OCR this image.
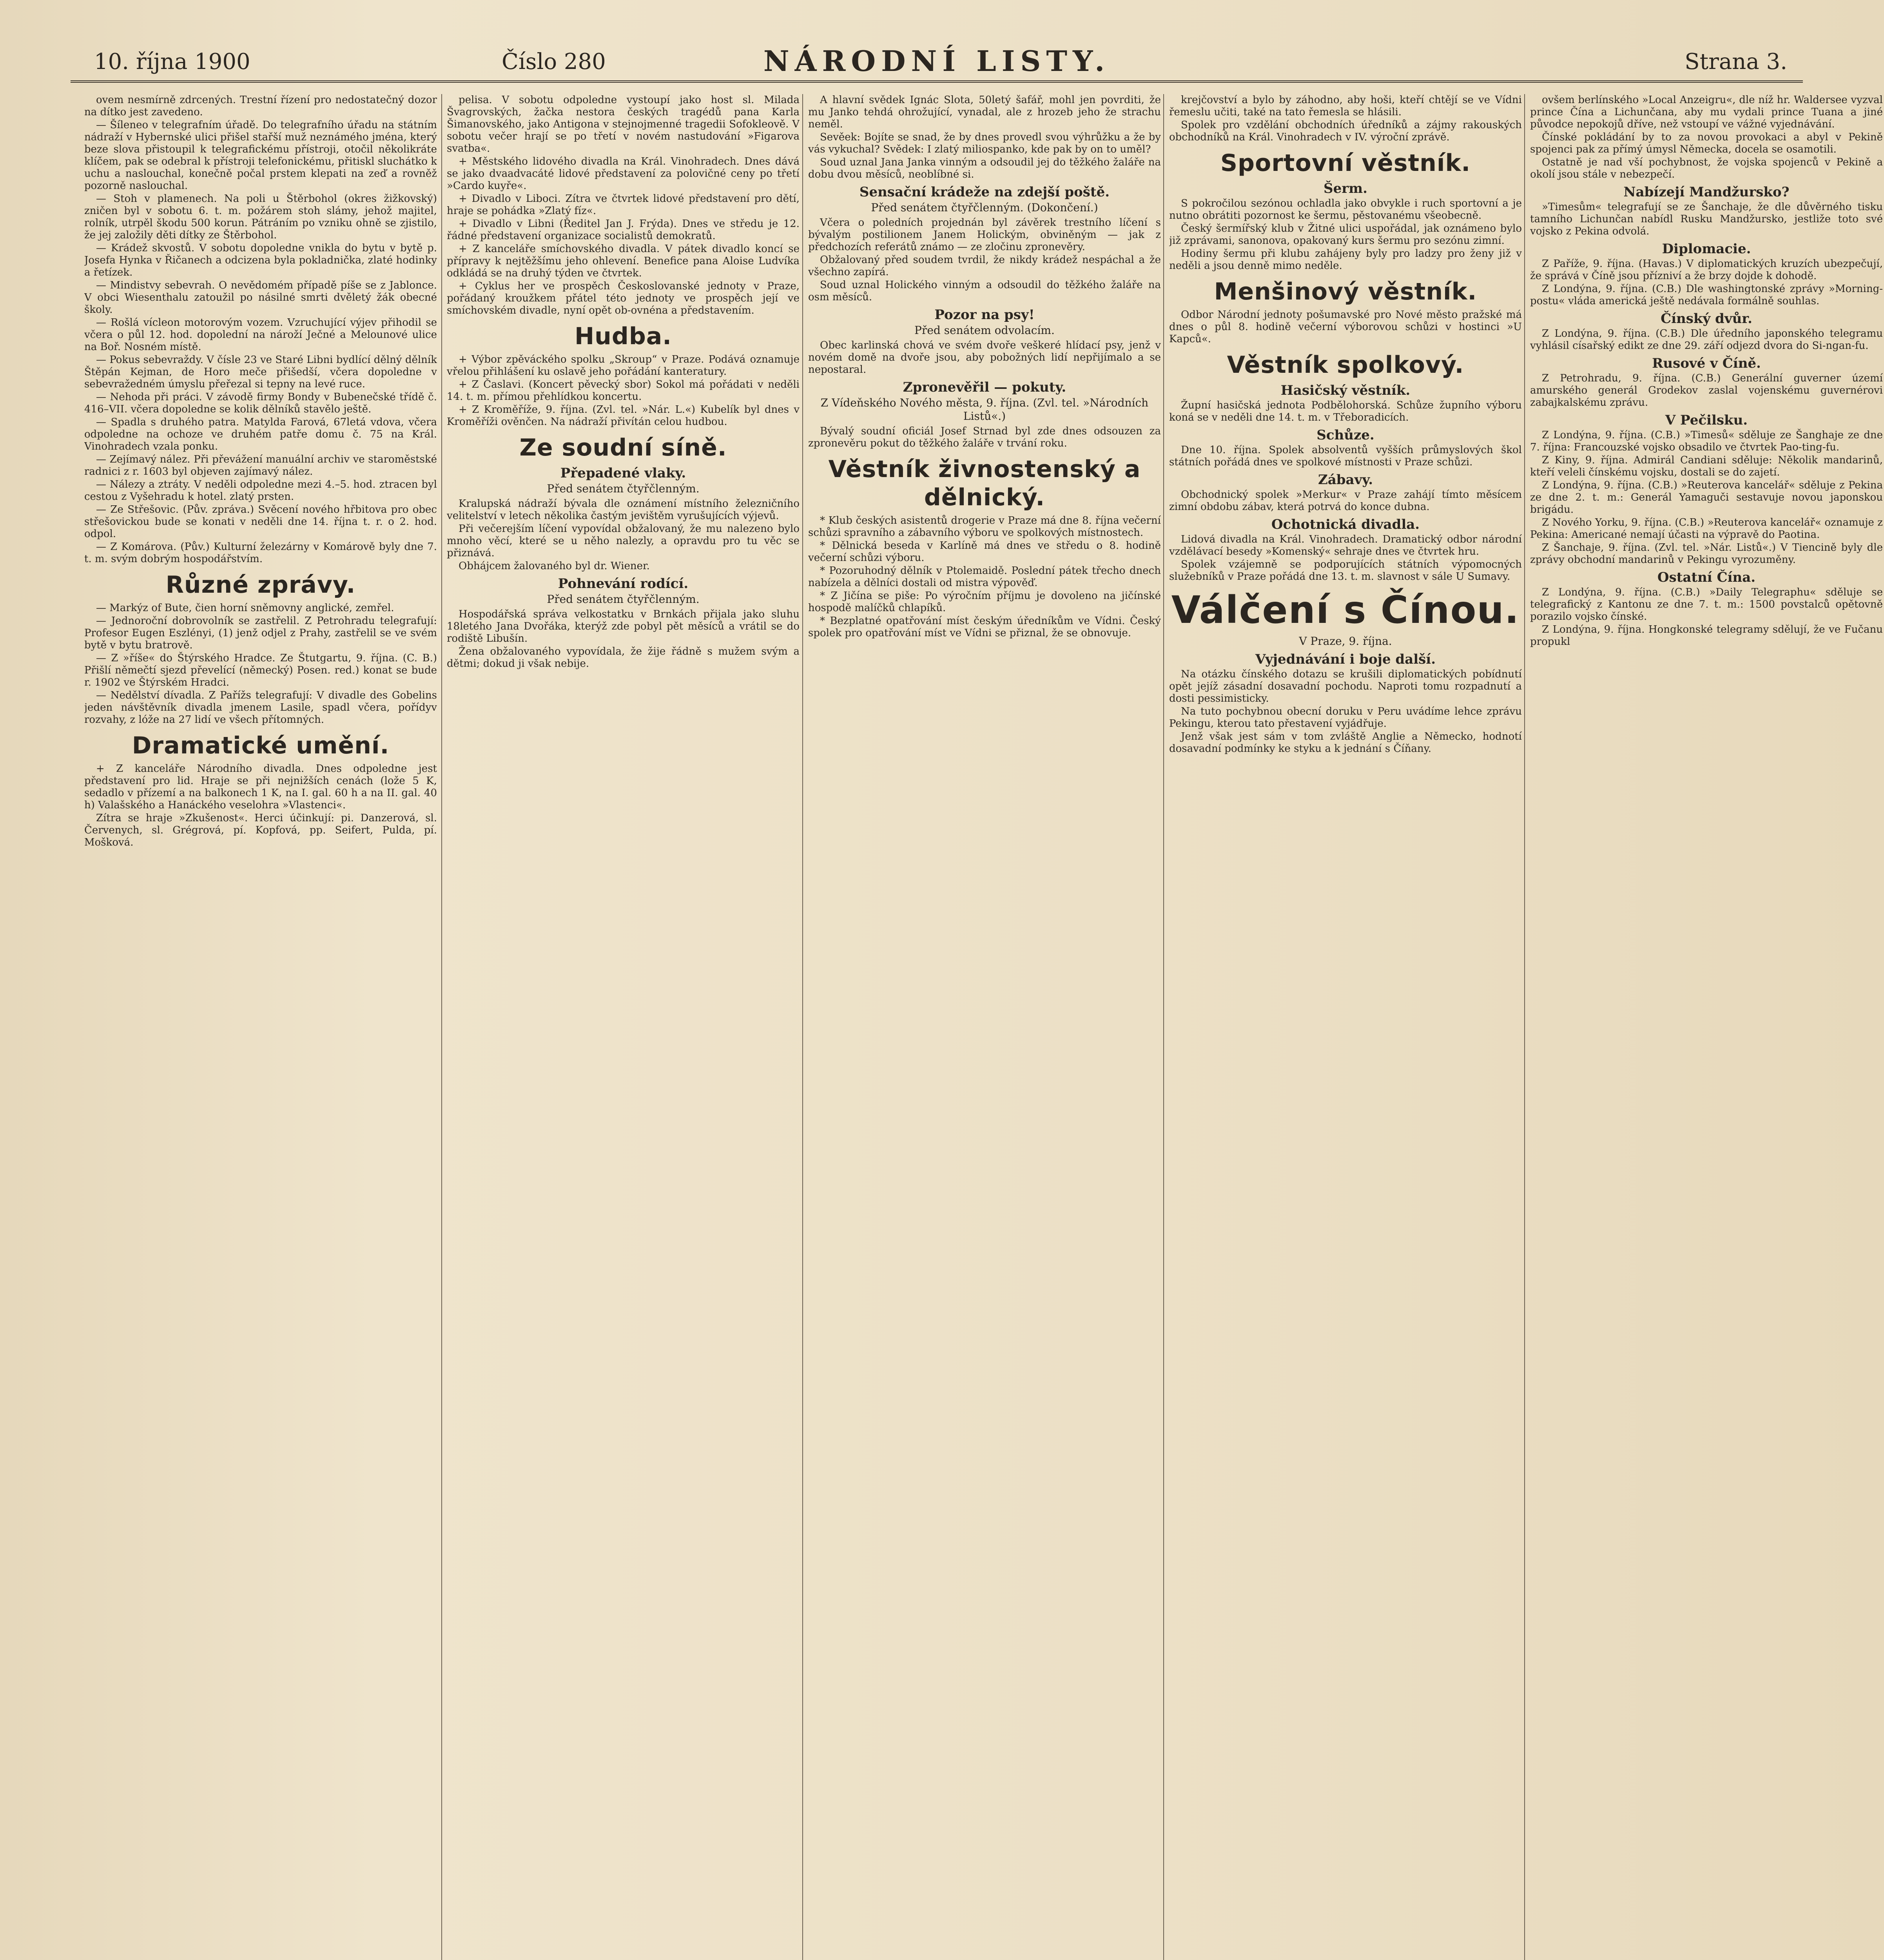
10. října 1900	Číslo 280	NÁRODNÍ LISTY.	Strana 3.

ovem nesmírně zdrcených. Trestní řízení pro nedostatečný dozor na dítko jest zavedeno.

— Šíleneo v telegrafním úřadě. Do telegrafního úřadu na státním nádraží v Hybernské ulici přišel stařší muž neznámého jména, který beze slova přistoupil k telegrafickému přístroji, otočil několikráte klíčem, pak se odebral k přístroji telefonickému, přitiskl sluchátko k uchu a naslouchal, konečně počal prstem klepati na zeď a rovněž pozorně naslouchal.

— Stoh v plamenech. Na poli u Štěrbohol (okres žižkovský) zničen byl v sobotu 6. t. m. požárem stoh slámy, jehož majitel, rolník, utrpěl škodu 500 korun. Pátráním po vzniku ohně se zjistilo, že jej založily děti dítky ze Štěrbohol.

— Krádež skvostů. V sobotu dopoledne vnikla do bytu v bytě p. Josefa Hynka v Řičanech a odcizena byla pokladnička, zlaté hodinky a řetízek.

— Mindistvy sebevrah. O nevědomém případě píše se z Jablonce. V obci Wiesenthalu zatoužil po násilné smrti dvěletý žák obecné školy.

— Rošlá vícleon motorovým vozem. Vzruchující výjev přihodil se včera o půl 12. hod. dopolední na nároží Ječné a Melounové ulice na Boř. Nosném místě.

— Pokus sebevraždy. V čísle 23 ve Staré Libni bydlící dělný dělník Štěpán Kejman, de Horo meče přišedší, včera dopoledne v sebevražedném úmyslu přeřezal si tepny na levé ruce.

— Nehoda při práci. V závodě firmy Bondy v Bubenečské třídě č. 416–VII. včera dopoledne se kolik dělníků stavělo ještě.

— Spadla s druhého patra. Matylda Farová, 67letá vdova, včera odpoledne na ochoze ve druhém patře domu č. 75 na Král. Vinohradech vzala ponku.

— Zejímavý nález. Při převážení manuální archiv ve staroměstské radnici z r. 1603 byl objeven zajímavý nález.

— Nálezy a ztráty. V neděli odpoledne mezi 4.–5. hod. ztracen byl cestou z Vyšehradu k hotel. zlatý prsten.

— Ze Střešovic. (Pův. zpráva.) Svěcení nového hřbitova pro obec střešovickou bude se konati v neděli dne 14. října t. r. o 2. hod. odpol.

— Z Komárova. (Pův.) Kulturní železárny v Komárově byly dne 7. t. m. svým dobrým hospodářstvím.

Různé zprávy.

— Markýz of Bute, čien horní sněmovny anglické, zemřel.

— Jednoroční dobrovolník se zastřelil. Z Petrohradu telegrafují: Profesor Eugen Eszlényi, (1) jenž odjel z Prahy, zastřelil se ve svém bytě v bytu bratrově.

— Z »říše« do Štýrského Hradce. Ze Štutgartu, 9. října. (C. B.) Přišlí němečtí sjezd převelící (německý) Posen. red.) konat se bude r. 1902 ve Štýrském Hradci.

— Nedělství dívadla. Z Pařížs telegrafují: V divadle des Gobelins jeden návštěvník divadla jmenem Lasile, spadl včera, pořídyv rozvahy, z lóže na 27 lidí ve všech přítomných.

Dramatické umění.

+ Z kanceláře Národního divadla. Dnes odpoledne jest představení pro lid. Hraje se při nejnižších cenách (lože 5 K, sedadlo v přízemí a na balkonech 1 K, na I. gal. 60 h a na II. gal. 40 h) Valašského a Hanáckého veselohra »Vlastenci«.

Zítra se hraje »Zkušenost«. Herci účinkují: pi. Danzerová, sl. Červenych, sl. Grégrová, pí. Kopfová, pp. Seifert, Pulda, pí. Mošková.

pelisa. V sobotu odpoledne vystoupí jako host sl. Milada Švagrovských, žačka nestora českých tragédů pana Karla Šimanovského, jako Antigona v stejnojmenné tragedii Sofokleově. V sobotu večer hrají se po třetí v novém nastudování »Figarova svatba«.

+ Městského lidového divadla na Král. Vinohradech. Dnes dává se jako dvaadvacáté lidové představení za polovičné ceny po třetí »Cardo kuyře«.

+ Divadlo v Liboci. Zítra ve čtvrtek lidové představení pro dětí, hraje se pohádka »Zlatý fíz«.

+ Divadlo v Libni (Ředitel Jan J. Frýda). Dnes ve středu je 12. řádné představení organizace socialistů demokratů.

+ Z kanceláře smíchovského divadla. V pátek divadlo koncí se přípravy k nejtěžšímu jeho ohlevení. Benefice pana Aloise Ludvíka odkládá se na druhý týden ve čtvrtek.

+ Cyklus her ve prospěch Českoslovanské jednoty v Praze, pořádaný kroužkem přátel této jednoty ve prospěch její ve smíchovském divadle, nyní opět ob-ovnéna a představením.

Hudba.

+ Výbor zpěváckého spolku „Skroup“ v Praze. Podává oznamuje vřelou přihlášení ku oslavě jeho pořádání kanteratury.

+ Z Časlavi. (Koncert pěvecký sbor) Sokol má pořádati v neděli 14. t. m. přímou přehlídkou koncertu.

+ Z Kroměříže, 9. října. (Zvl. tel. »Nár. L.«) Kubelík byl dnes v Kroměříži ověnčen. Na nádraží přivítán celou hudbou.

Ze soudní síně.
Přepadené vlaky.
Před senátem čtyřčlenným.

Kralupská nádraží bývala dle oznámení místního železničního velitelství v letech několika častým jevištěm vyrušujících výjevů.

Při večerejším líčení vypovídal obžalovaný, že mu nalezeno bylo mnoho věcí, které se u něho nalezly, a opravdu pro tu věc se přiznává.

Obhájcem žalovaného byl dr. Wiener.

Pohnevání rodící.
Před senátem čtyřčlenným.

Hospodářská správa velkostatku v Brnkách přijala jako sluhu 18letého Jana Dvořáka, kterýž zde pobyl pět měsíců a vrátil se do rodiště Libušín.

Žena obžalovaného vypovídala, že žije řádně s mužem svým a dětmi; dokud ji však nebije.

A hlavní svědek Ignác Slota, 50letý šafář, mohl jen povrditi, že mu Janko tehdá ohrožující, vynadal, ale z hrozeb jeho že strachu neměl.

Sevěek: Bojíte se snad, že by dnes provedl svou výhrůžku a že by vás vykuchal? Svědek: I zlatý miliospanko, kde pak by on to uměl?

Soud uznal Jana Janka vinným a odsoudil jej do těžkého žaláře na dobu dvou měsíců, neoblíbné si.

Sensační krádeže na zdejší poště.
Před senátem čtyřčlenným. (Dokončení.)

Včera o poledních projednán byl závěrek trestního líčení s bývalým postilionem Janem Holickým, obviněným — jak z předchozích referátů známo — ze zločinu zpronevěry.

Obžalovaný před soudem tvrdil, že nikdy krádež nespáchal a že všechno zapírá.

Soud uznal Holického vinným a odsoudil do těžkého žaláře na osm měsíců.

Pozor na psy!
Před senátem odvolacím.

Obec karlinská chová ve svém dvoře veškeré hlídací psy, jenž v novém domě na dvoře jsou, aby pobožných lidí nepřijímalo a se nepostaral.

Zpronevěřil — pokuty.
Z Vídeňského Nového města, 9. října. (Zvl. tel. »Národních Listů«.)

Bývalý soudní oficiál Josef Strnad byl zde dnes odsouzen za zpronevěru pokut do těžkého žaláře v trvání roku.

Věstník živnostenský a dělnický.

* Klub českých asistentů drogerie v Praze má dne 8. října večerní schůzi spravního a zábavního výboru ve spolkových místnostech.

* Dělnická beseda v Karlíně má dnes ve středu o 8. hodině večerní schůzi výboru.

* Pozoruhodný dělník v Ptolemaidě. Poslední pátek třecho dnech nabízela a dělníci dostali od mistra výpověď.

* Z Jičína se piše: Po výročním příjmu je dovoleno na jičínské hospodě malíčků chlapíků.

* Bezplatné opatřování míst českým úředníkům ve Vídni. Český spolek pro opatřování míst ve Vídni se přiznal, že se obnovuje.

krejčovství a bylo by záhodno, aby hoši, kteří chtějí se ve Vídni řemeslu učiti, také na tato řemesla se hlásili.

Spolek pro vzdělání obchodních úředníků a zájmy rakouských obchodníků na Král. Vinohradech v IV. výroční zprávě.

Sportovní věstník.
Šerm.

S pokročilou sezónou ochladla jako obvykle i ruch sportovní a je nutno obrátiti pozornost ke šermu, pěstovanému všeobecně.

Český šermířský klub v Žitné ulici uspořádal, jak oznámeno bylo již zprávami, sanonova, opakovaný kurs šermu pro sezónu zimní.

Hodiny šermu při klubu zahájeny byly pro ladzy pro ženy již v neděli a jsou denně mimo neděle.

Menšinový věstník.

Odbor Národní jednoty pošumavské pro Nové město pražské má dnes o půl 8. hodině večerní výborovou schůzi v hostinci »U Kapců«.

Věstník spolkový.
Hasičský věstník.

Župní hasičská jednota Podbělohorská. Schůze župního výboru koná se v neděli dne 14. t. m. v Třeboradicích.

Schůze.

Dne 10. října. Spolek absolventů vyšších průmyslových škol státních pořádá dnes ve spolkové místnosti v Praze schůzi.

Zábavy.

Obchodnický spolek »Merkur« v Praze zahájí tímto měsícem zimní obdobu zábav, která potrvá do konce dubna.

Ochotnická divadla.

Lidová divadla na Král. Vinohradech. Dramatický odbor národní vzdělávací besedy »Komenský« sehraje dnes ve čtvrtek hru.

Spolek vzájemně se podporujících státních výpomocných služebníků v Praze pořádá dne 13. t. m. slavnost v sále U Sumavy.

Válčení s Čínou.
V Praze, 9. října.
Vyjednávání i boje další.

Na otázku čínského dotazu se krušili diplomatických pobídnutí opět jejíž zásadní dosavadní pochodu. Naproti tomu rozpadnutí a dosti pessimisticky.

Na tuto pochybnou obecní doruku v Peru uvádíme lehce zprávu Pekingu, kterou tato přestavení vyjádřuje.

Jenž však jest sám v tom zvláště Anglie a Německo, hodnotí dosavadní podmínky ke styku a k jednání s Číňany.

ovšem berlínského »Local Anzeigru«, dle níž hr. Waldersee vyzval prince Čína a Lichunčana, aby mu vydali prince Tuana a jiné původce nepokojů dříve, než vstoupí ve vážné vyjednávání.

Čínské pokládání by to za novou provokaci a abyl v Pekině spojenci pak za přímý úmysl Německa, docela se osamotili.

Ostatně je nad vší pochybnost, že vojska spojenců v Pekině a okolí jsou stále v nebezpečí.

Nabízejí Mandžursko?

»Timesům« telegrafují se ze Šanchaje, že dle důvěrného tisku tamního Lichunčan nabídl Rusku Mandžursko, jestliže toto své vojsko z Pekina odvolá.

Diplomacie.

Z Paříže, 9. října. (Havas.) V diplomatických kruzích ubezpečují, že správá v Číně jsou přízniví a že brzy dojde k dohodě.

Z Londýna, 9. října. (C.B.) Dle washingtonské zprávy »Morning-postu« vláda americká ještě nedávala formálně souhlas.

Čínský dvůr.

Z Londýna, 9. října. (C.B.) Dle úředního japonského telegramu vyhlásil císařský edikt ze dne 29. září odjezd dvora do Si-ngan-fu.

Rusové v Číně.

Z Petrohradu, 9. října. (C.B.) Generální guverner území amurského generál Grodekov zaslal vojenskému guvernérovi zabajkalskému zprávu.

V Pečilsku.

Z Londýna, 9. října. (C.B.) »Timesů« sděluje ze Šanghaje ze dne 7. října: Francouzské vojsko obsadilo ve čtvrtek Pao-ting-fu.

Z Kiny, 9. října. Admirál Candiani sděluje: Několik mandarinů, kteří veleli čínskému vojsku, dostali se do zajetí.

Z Londýna, 9. října. (C.B.) »Reuterova kancelář« sděluje z Pekina ze dne 2. t. m.: Generál Yamaguči sestavuje novou japonskou brigádu.

Z Nového Yorku, 9. října. (C.B.) »Reuterova kancelář« oznamuje z Pekina: Americané nemají účasti na výpravě do Paotina.

Z Šanchaje, 9. října. (Zvl. tel. »Nár. Listů«.) V Tiencině byly dle zprávy obchodní mandarinů v Pekingu vyrozuměny.

Ostatní Čína.

Z Londýna, 9. října. (C.B.) »Daily Telegraphu« sděluje se telegrafický z Kantonu ze dne 7. t. m.: 1500 povstalců opětovně porazilo vojsko čínské.

Z Londýna, 9. října. Hongkonské telegramy sdělují, že ve Fučanu propukl
